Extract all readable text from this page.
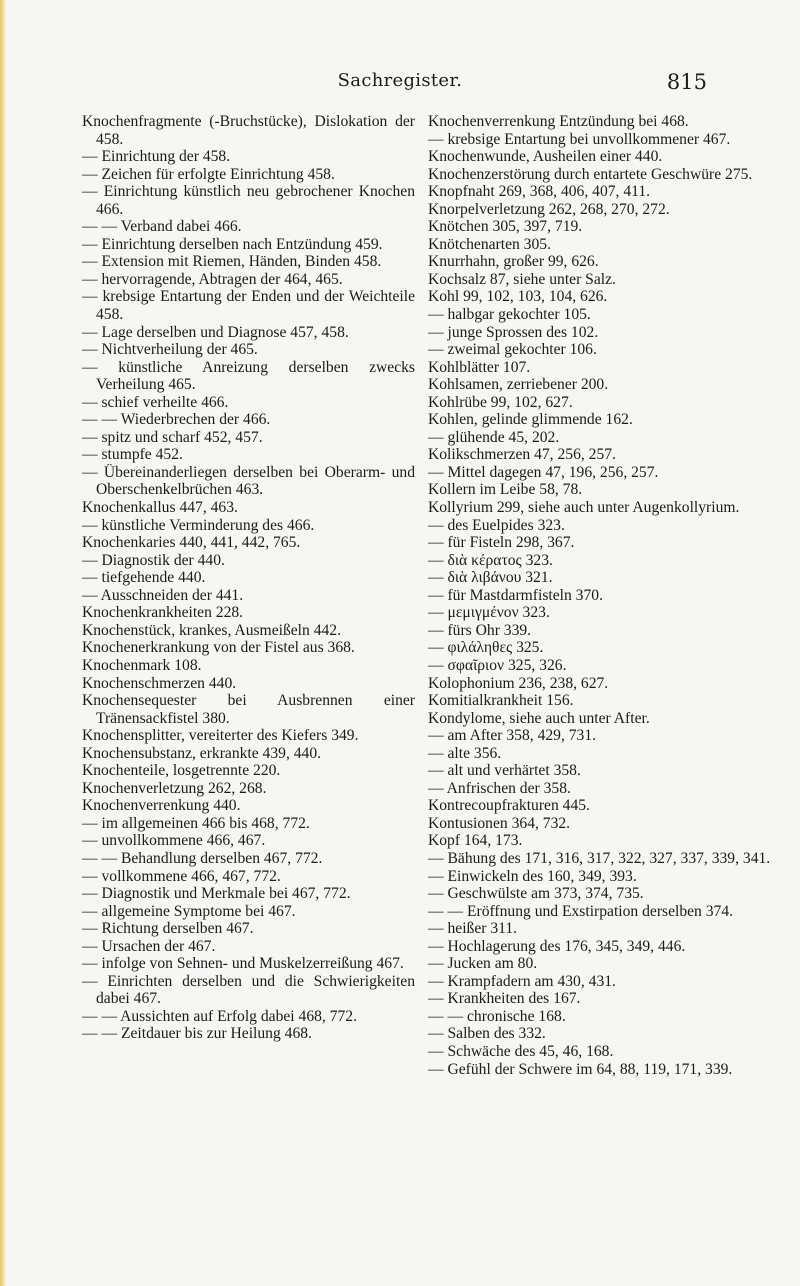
Sachregister.	815

Knochenfragmente (-Bruchstücke), Dislokation der 458.

— Einrichtung der 458.

— Zeichen für erfolgte Einrichtung 458.

— Einrichtung künstlich neu gebrochener Knochen 466.

— — Verband dabei 466.

— Einrichtung derselben nach Entzündung 459.

— Extension mit Riemen, Händen, Binden 458.

— hervorragende, Abtragen der 464, 465.

— krebsige Entartung der Enden und der Weichteile 458.

— Lage derselben und Diagnose 457, 458.

— Nichtverheilung der 465.

— künstliche Anreizung derselben zwecks Verheilung 465.

— schief verheilte 466.

— — Wiederbrechen der 466.

— spitz und scharf 452, 457.

— stumpfe 452.

— Übereinanderliegen derselben bei Oberarm- und Oberschenkelbrüchen 463.

Knochenkallus 447, 463.

— künstliche Verminderung des 466.

Knochenkaries 440, 441, 442, 765.

— Diagnostik der 440.

— tiefgehende 440.

— Ausschneiden der 441.

Knochenkrankheiten 228.

Knochenstück, krankes, Ausmeißeln 442.

Knochenerkrankung von der Fistel aus 368.

Knochenmark 108.

Knochenschmerzen 440.

Knochensequester bei Ausbrennen einer Tränensackfistel 380.

Knochensplitter, vereiterter des Kiefers 349.

Knochensubstanz, erkrankte 439, 440.

Knochenteile, losgetrennte 220.

Knochenverletzung 262, 268.

Knochenverrenkung 440.

— im allgemeinen 466 bis 468, 772.

— unvollkommene 466, 467.

— — Behandlung derselben 467, 772.

— vollkommene 466, 467, 772.

— Diagnostik und Merkmale bei 467, 772.

— allgemeine Symptome bei 467.

— Richtung derselben 467.

— Ursachen der 467.

— infolge von Sehnen- und Muskelzerreißung 467.

— Einrichten derselben und die Schwierigkeiten dabei 467.

— — Aussichten auf Erfolg dabei 468, 772.

— — Zeitdauer bis zur Heilung 468.

Knochenverrenkung Entzündung bei 468.

— krebsige Entartung bei unvollkommener 467.

Knochenwunde, Ausheilen einer 440.

Knochenzerstörung durch entartete Geschwüre 275.

Knopfnaht 269, 368, 406, 407, 411.

Knorpelverletzung 262, 268, 270, 272.

Knötchen 305, 397, 719.

Knötchenarten 305.

Knurrhahn, großer 99, 626.

Kochsalz 87, siehe unter Salz.

Kohl 99, 102, 103, 104, 626.

— halbgar gekochter 105.

— junge Sprossen des 102.

— zweimal gekochter 106.

Kohlblätter 107.

Kohlsamen, zerriebener 200.

Kohlrübe 99, 102, 627.

Kohlen, gelinde glimmende 162.

— glühende 45, 202.

Kolikschmerzen 47, 256, 257.

— Mittel dagegen 47, 196, 256, 257.

Kollern im Leibe 58, 78.

Kollyrium 299, siehe auch unter Augenkollyrium.

— des Euelpides 323.

— für Fisteln 298, 367.

— διὰ κέρατος 323.

— διὰ λιβάνου 321.

— für Mastdarmfisteln 370.

— μεμιγμένον 323.

— fürs Ohr 339.

— φιλάληθες 325.

— σφαῖριον 325, 326.

Kolophonium 236, 238, 627.

Komitialkrankheit 156.

Kondylome, siehe auch unter After.

— am After 358, 429, 731.

— alte 356.

— alt und verhärtet 358.

— Anfrischen der 358.

Kontrecoupfrakturen 445.

Kontusionen 364, 732.

Kopf 164, 173.

— Bähung des 171, 316, 317, 322, 327, 337, 339, 341.

— Einwickeln des 160, 349, 393.

— Geschwülste am 373, 374, 735.

— — Eröffnung und Exstirpation derselben 374.

— heißer 311.

— Hochlagerung des 176, 345, 349, 446.

— Jucken am 80.

— Krampfadern am 430, 431.

— Krankheiten des 167.

— — chronische 168.

— Salben des 332.

— Schwäche des 45, 46, 168.

— Gefühl der Schwere im 64, 88, 119, 171, 339.
